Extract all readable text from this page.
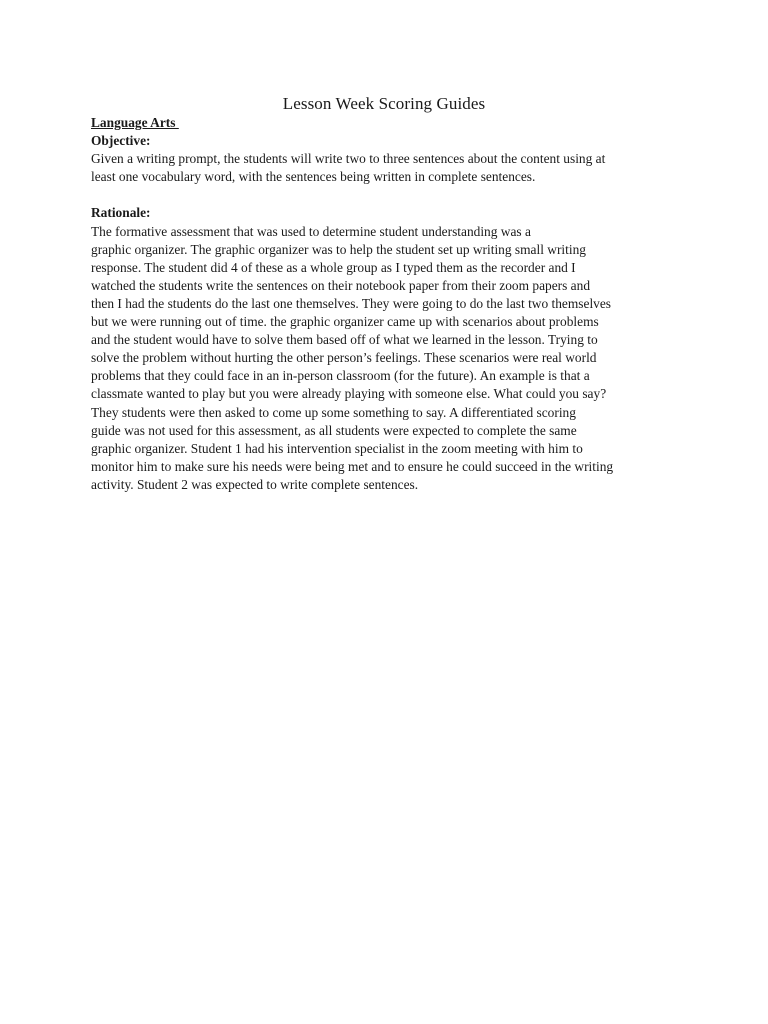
Lesson Week Scoring Guides

Language Arts

Objective:

Given a writing prompt, the students will write two to three sentences about the content using at
least one vocabulary word, with the sentences being written in complete sentences.

Rationale:

The formative assessment that was used to determine student understanding was a
graphic organizer. The graphic organizer was to help the student set up writing small writing
response. The student did 4 of these as a whole group as I typed them as the recorder and I
watched the students write the sentences on their notebook paper from their zoom papers and
then I had the students do the last one themselves. They were going to do the last two themselves
but we were running out of time. the graphic organizer came up with scenarios about problems
and the student would have to solve them based off of what we learned in the lesson. Trying to
solve the problem without hurting the other person’s feelings. These scenarios were real world
problems that they could face in an in-person classroom (for the future). An example is that a
classmate wanted to play but you were already playing with someone else. What could you say?
They students were then asked to come up some something to say. A differentiated scoring
guide was not used for this assessment, as all students were expected to complete the same
graphic organizer. Student 1 had his intervention specialist in the zoom meeting with him to
monitor him to make sure his needs were being met and to ensure he could succeed in the writing
activity. Student 2 was expected to write complete sentences.
